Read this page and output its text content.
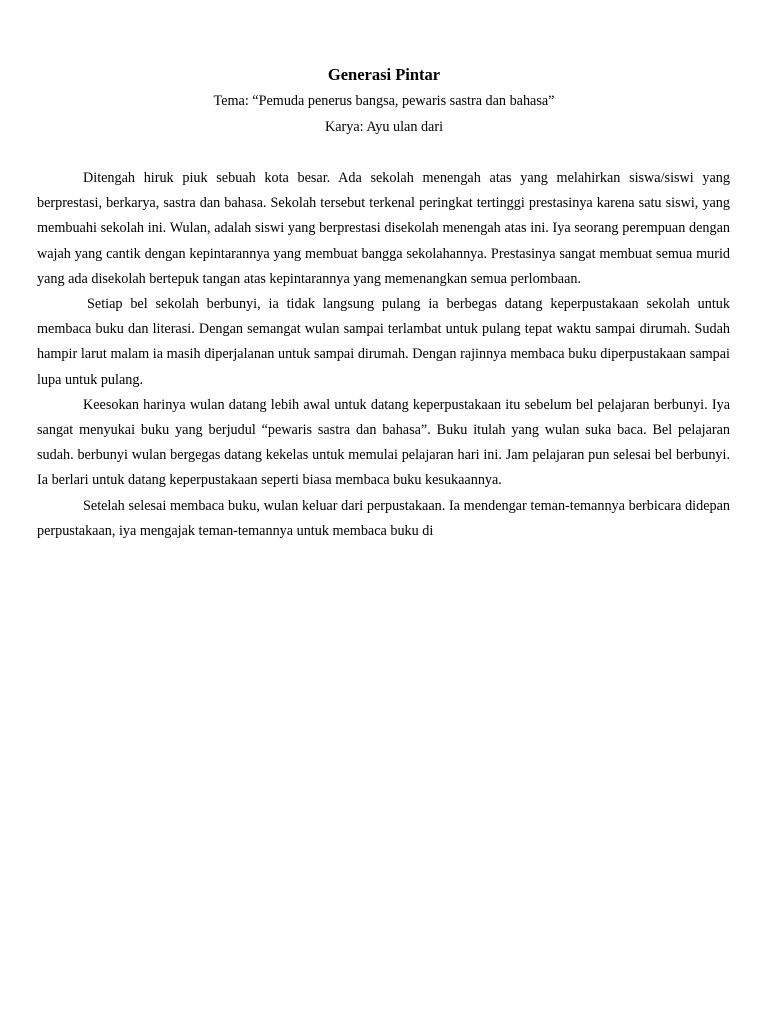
Generasi Pintar

Tema: “Pemuda penerus bangsa, pewaris sastra dan bahasa”

Karya: Ayu ulan dari

Ditengah hiruk piuk sebuah kota besar. Ada sekolah menengah atas yang melahirkan siswa/siswi yang berprestasi, berkarya, sastra dan bahasa. Sekolah tersebut terkenal peringkat tertinggi prestasinya karena satu siswi, yang membuahi sekolah ini. Wulan, adalah siswi yang berprestasi disekolah menengah atas ini. Iya seorang perempuan dengan wajah yang cantik dengan kepintarannya yang membuat bangga sekolahannya. Prestasinya sangat membuat semua murid yang ada disekolah bertepuk tangan atas kepintarannya yang memenangkan semua perlombaan.

Setiap bel sekolah berbunyi, ia tidak langsung pulang ia berbegas datang keperpustakaan sekolah untuk membaca buku dan literasi. Dengan semangat wulan sampai terlambat untuk pulang tepat waktu sampai dirumah. Sudah hampir larut malam ia masih diperjalanan untuk sampai dirumah. Dengan rajinnya membaca buku diperpustakaan sampai lupa untuk pulang.

Keesokan harinya wulan datang lebih awal untuk datang keperpustakaan itu sebelum bel pelajaran berbunyi. Iya sangat menyukai buku yang berjudul “pewaris sastra dan bahasa”. Buku itulah yang wulan suka baca. Bel pelajaran sudah. berbunyi wulan bergegas datang kekelas untuk memulai pelajaran hari ini. Jam pelajaran pun selesai bel berbunyi. Ia berlari untuk datang keperpustakaan seperti biasa membaca buku kesukaannya.

Setelah selesai membaca buku, wulan keluar dari perpustakaan. Ia mendengar teman-temannya berbicara didepan perpustakaan, iya mengajak teman-temannya untuk membaca buku di
